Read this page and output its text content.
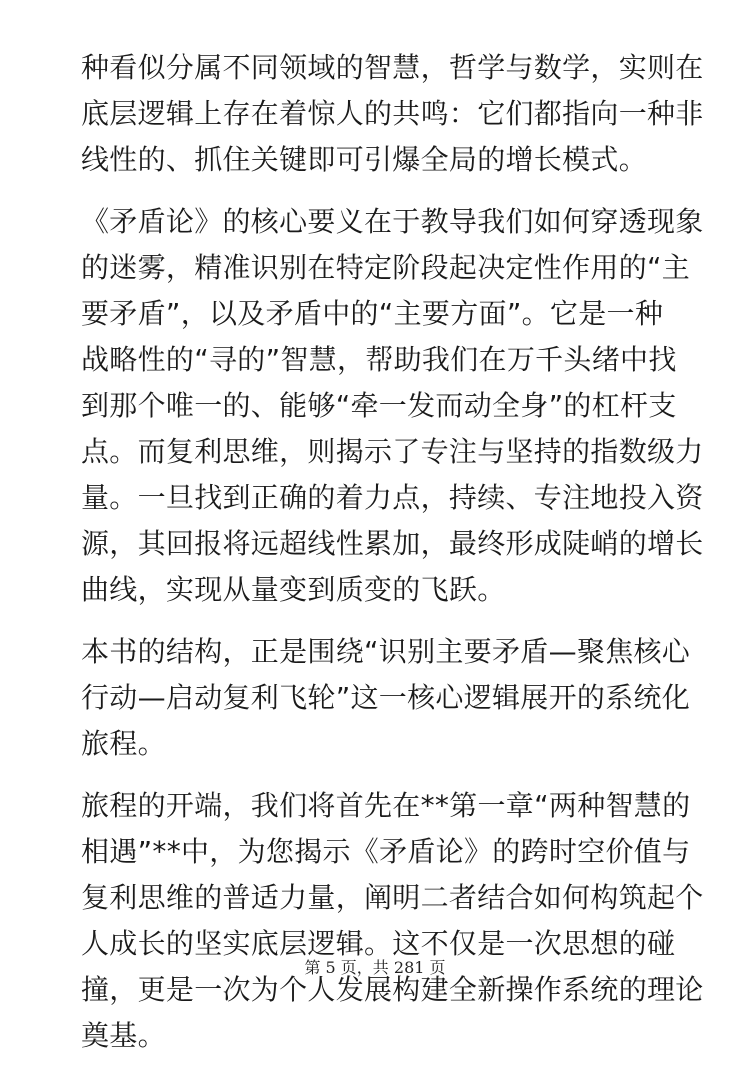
种看似分属不同领域的智慧，哲学与数学，实则在
底层逻辑上存在着惊人的共鸣：它们都指向一种非
线性的、抓住关键即可引爆全局的增长模式。

《矛盾论》的核心要义在于教导我们如何穿透现象
的迷雾，精准识别在特定阶段起决定性作用的“主
要矛盾”，以及矛盾中的“主要方面”。它是一种
战略性的“寻的”智慧，帮助我们在万千头绪中找
到那个唯一的、能够“牵一发而动全身”的杠杆支
点。而复利思维，则揭示了专注与坚持的指数级力
量。一旦找到正确的着力点，持续、专注地投入资
源，其回报将远超线性累加，最终形成陡峭的增长
曲线，实现从量变到质变的飞跃。

本书的结构，正是围绕“识别主要矛盾—聚焦核心
行动—启动复利飞轮”这一核心逻辑展开的系统化
旅程。

旅程的开端，我们将首先在**第一章“两种智慧的
相遇”**中，为您揭示《矛盾论》的跨时空价值与
复利思维的普适力量，阐明二者结合如何构筑起个
人成长的坚实底层逻辑。这不仅是一次思想的碰
撞，更是一次为个人发展构建全新操作系统的理论
奠基。

第 5 页，共 281 页
